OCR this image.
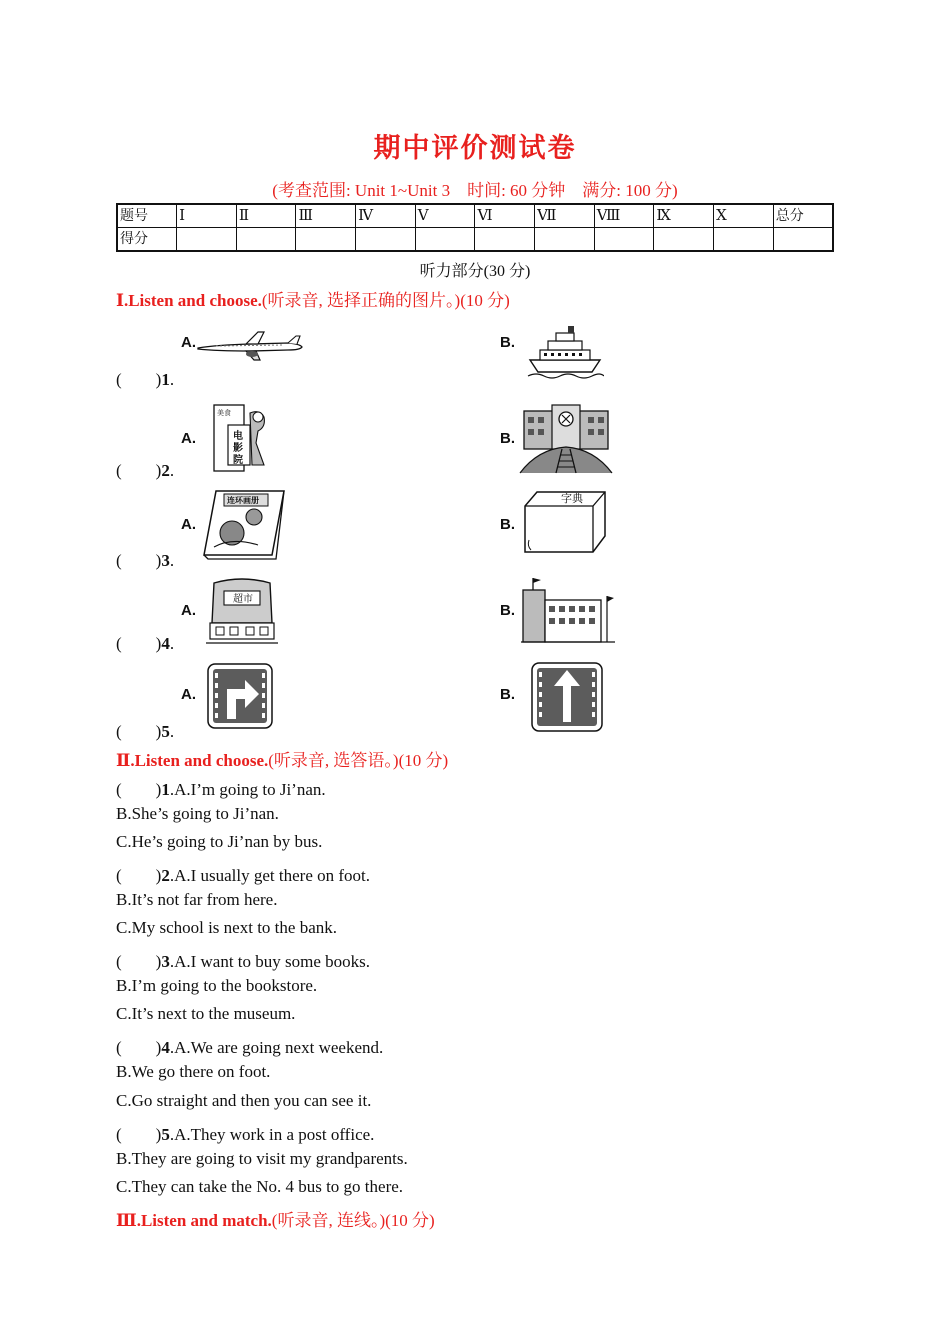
期中评价测试卷
(考查范围: Unit 1~Unit 3　时间: 60 分钟　满分: 100 分)
题号	Ⅰ	Ⅱ	Ⅲ	Ⅳ	Ⅴ	Ⅵ	Ⅶ	Ⅷ	Ⅸ	Ⅹ	总分
得分											
听力部分(30 分)
Ⅰ.Listen and choose.(听录音, 选择正确的图片。)(10 分)
A.	B.
(　　)1.
A.
美食
电影院
B.
(　　)2.
A.
连环画册
B.
字典
(　　)3.
A.
超市
B.
(　　)4.
A.	B.
(　　)5.
Ⅱ.Listen and choose.(听录音, 选答语。)(10 分)
(　　)1.A.I’m going to Ji’nan.
B.She’s going to Ji’nan.
C.He’s going to Ji’nan by bus.
(　　)2.A.I usually get there on foot.
B.It’s not far from here.
C.My school is next to the bank.
(　　)3.A.I want to buy some books.
B.I’m going to the bookstore.
C.It’s next to the museum.
(　　)4.A.We are going next weekend.
B.We go there on foot.
C.Go straight and then you can see it.
(　　)5.A.They work in a post office.
B.They are going to visit my grandparents.
C.They can take the No. 4 bus to go there.
Ⅲ.Listen and match.(听录音, 连线。)(10 分)
